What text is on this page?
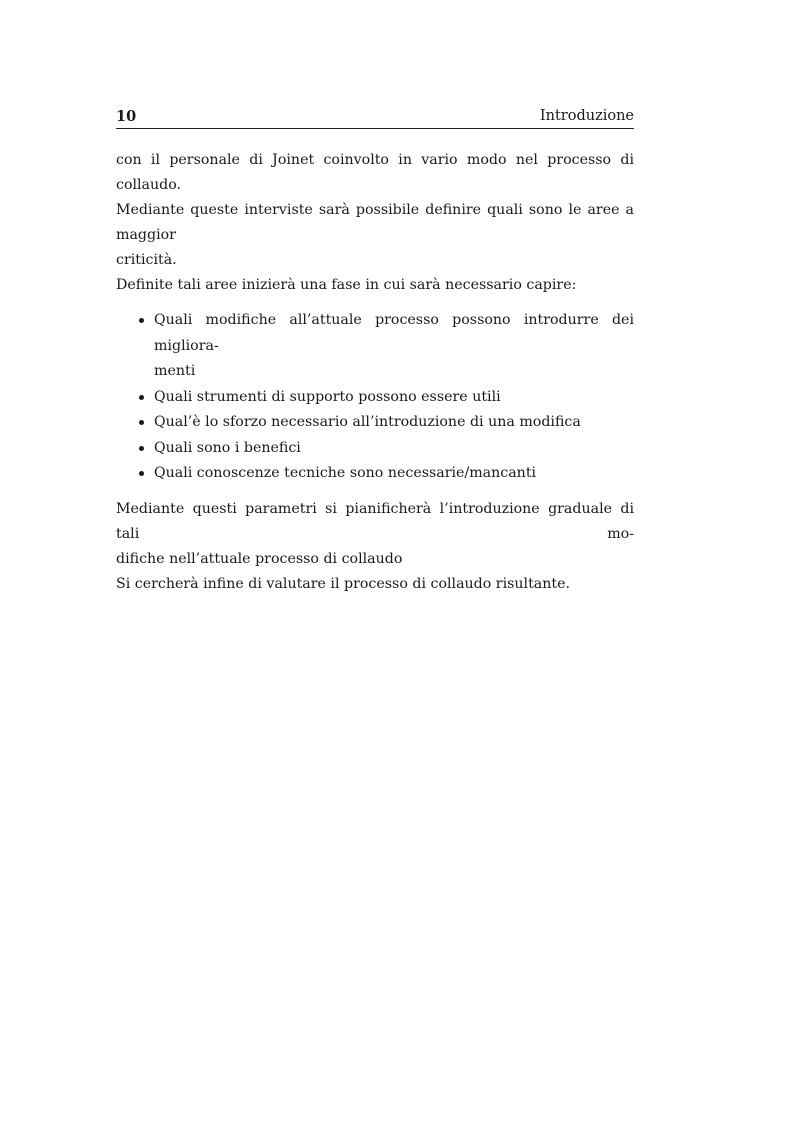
10	Introduzione
con il personale di Joinet coinvolto in vario modo nel processo di collaudo.
Mediante queste interviste sarà possibile definire quali sono le aree a maggior
criticità.
Definite tali aree inizierà una fase in cui sarà necessario capire:
Quali modifiche all’attuale processo possono introdurre dei migliora-
menti
Quali strumenti di supporto possono essere utili
Qual’è lo sforzo necessario all’introduzione di una modifica
Quali sono i benefici
Quali conoscenze tecniche sono necessarie/mancanti
Mediante questi parametri si pianificherà l’introduzione graduale di tali mo-
difiche nell’attuale processo di collaudo
Si cercherà infine di valutare il processo di collaudo risultante.
